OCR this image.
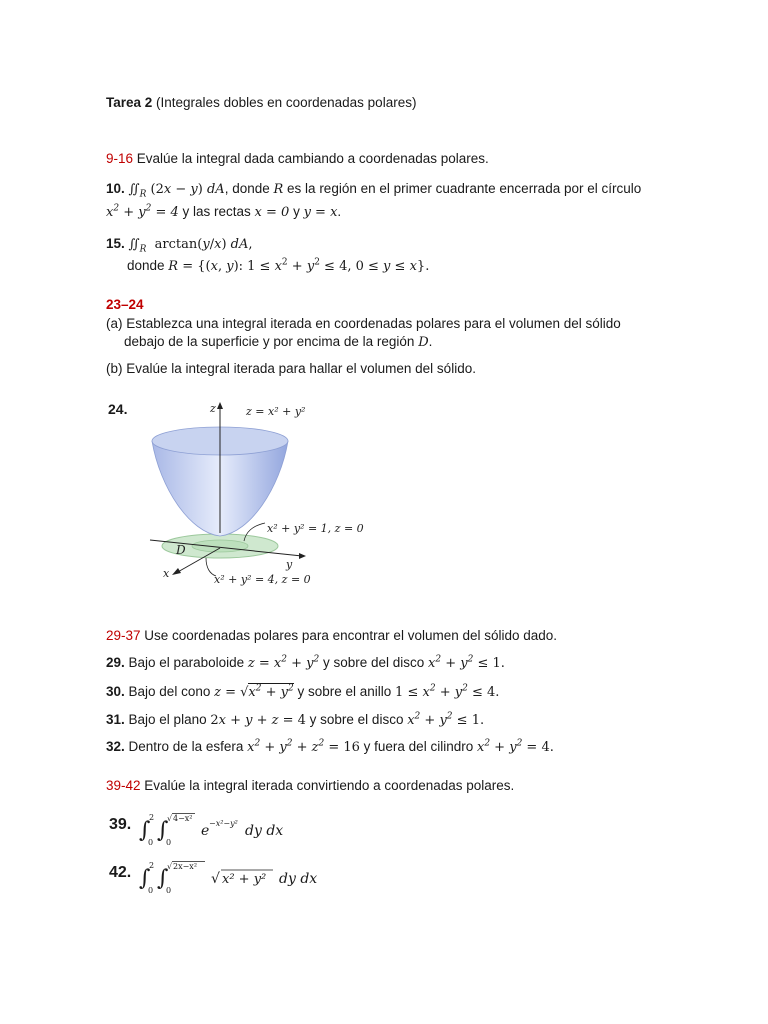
Tarea 2 (Integrales dobles en coordenadas polares)
9-16 Evalúe la integral dada cambiando a coordenadas polares.
10. $∬_R$ (2x − y) dA, donde R es la región en el primer cuadrante encerrada por el círculo
$x^2 + y^2 = 4$ y las rectas x = 0 y y = x.
15. $∬_R$  arctan(y/x) dA,
donde R = {(x, y): $1 \le x^2 + y^2 \le 4$, 0 ≤ y ≤ x}.
23–24
(a) Establezca una integral iterada en coordenadas polares para el volumen del sólido
debajo de la superficie y por encima de la región D.
(b) Evalúe la integral iterada para hallar el volumen del sólido.
24.	z	z = x² + y²
D
y
x
x² + y² = 1, z = 0
x² + y² = 4, z = 0
29-37 Use coordenadas polares para encontrar el volumen del sólido dado.
29. Bajo el paraboloide $z = x^2 + y^2$ y sobre del disco $x^2 + y^2 \le 1$.
30. Bajo del cono $z = √x^2 + y^2$ y sobre el anillo $1 \le x^2 + y^2 \le 4$.
31. Bajo el plano 2x + y + z = 4 y sobre el disco $x^2 + y^2 \le 1$.
32. Dentro de la esfera $x^2 + y^2 + z^2 = 16$ y fuera del cilindro $x^2 + y^2 = 4$.
39-42 Evalúe la integral iterada convirtiendo a coordenadas polares.
39. ∫
2
0 ∫
√ 4−x²
0
e −x²−y² dy dx
42. ∫
2
0 ∫
√ 2x−x²
0
√ x² + y² dy dx
